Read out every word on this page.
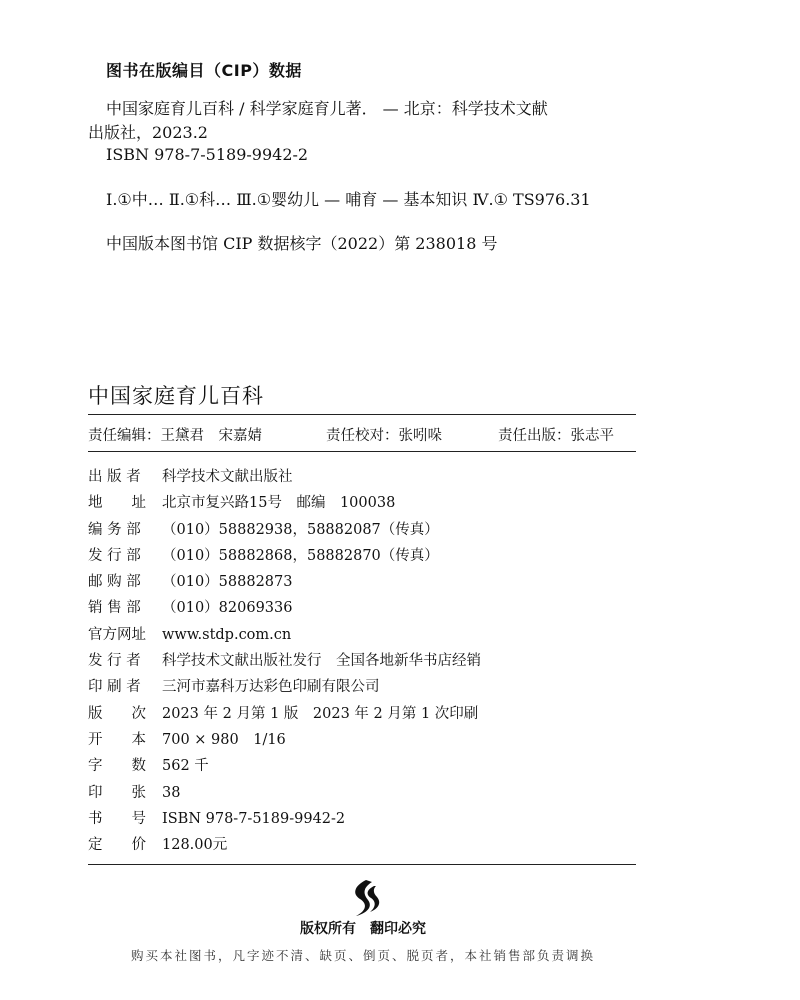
图书在版编目（CIP）数据
中国家庭育儿百科 / 科学家庭育儿著． — 北京：科学技术文献
出版社，2023.2
ISBN 978-7-5189-9942-2
Ⅰ.①中… Ⅱ.①科… Ⅲ.①婴幼儿 — 哺育 — 基本知识 Ⅳ.① TS976.31
中国版本图书馆 CIP 数据核字（2022）第 238018 号
中国家庭育儿百科
责任编辑：王黛君　宋嘉婧	责任校对：张吲哚	责任出版：张志平
出 版 者	科学技术文献出版社
地　　址	北京市复兴路15号　邮编　100038
编 务 部	（010）58882938，58882087（传真）
发 行 部	（010）58882868，58882870（传真）
邮 购 部	（010）58882873
销 售 部	（010）82069336
官方网址	www.stdp.com.cn
发 行 者	科学技术文献出版社发行　全国各地新华书店经销
印 刷 者	三河市嘉科万达彩色印刷有限公司
版　　次	2023 年 2 月第 1 版　2023 年 2 月第 1 次印刷
开　　本	700 × 980　1/16
字　　数	562 千
印　　张	38
书　　号	ISBN 978-7-5189-9942-2
定　　价	128.00元
版权所有　翻印必究
购买本社图书，凡字迹不清、缺页、倒页、脱页者，本社销售部负责调换
